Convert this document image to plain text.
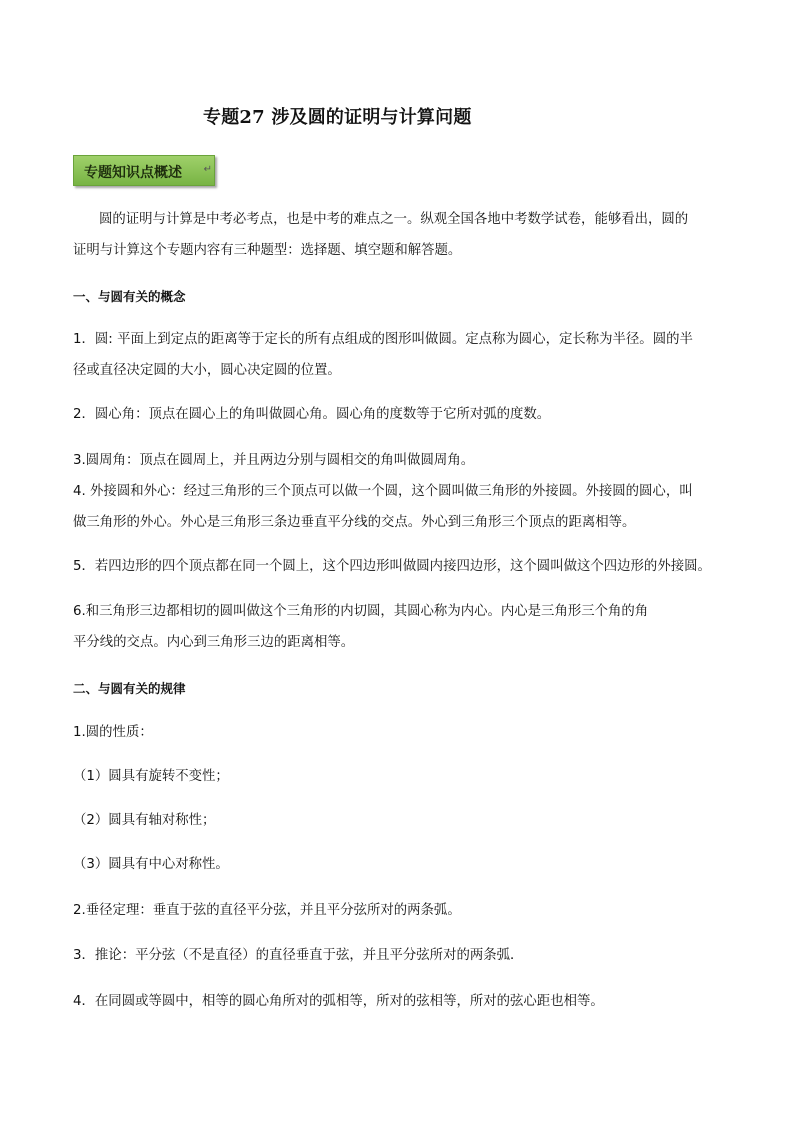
专题27 涉及圆的证明与计算问题
专题知识点概述 ↵
圆的证明与计算是中考必考点，也是中考的难点之一。纵观全国各地中考数学试卷，能够看出，圆的
证明与计算这个专题内容有三种题型：选择题、填空题和解答题。
一、与圆有关的概念
1．圆: 平面上到定点的距离等于定长的所有点组成的图形叫做圆。定点称为圆心，定长称为半径。圆的半
径或直径决定圆的大小，圆心决定圆的位置。
2．圆心角：顶点在圆心上的角叫做圆心角。圆心角的度数等于它所对弧的度数。
3.圆周角：顶点在圆周上，并且两边分别与圆相交的角叫做圆周角。
4. 外接圆和外心：经过三角形的三个顶点可以做一个圆，这个圆叫做三角形的外接圆。外接圆的圆心，叫
做三角形的外心。外心是三角形三条边垂直平分线的交点。外心到三角形三个顶点的距离相等。
5．若四边形的四个顶点都在同一个圆上，这个四边形叫做圆内接四边形，这个圆叫做这个四边形的外接圆。
6.和三角形三边都相切的圆叫做这个三角形的内切圆，其圆心称为内心。内心是三角形三个角的角
平分线的交点。内心到三角形三边的距离相等。
二、与圆有关的规律
1.圆的性质：
（1）圆具有旋转不变性；
（2）圆具有轴对称性；
（3）圆具有中心对称性。
2.垂径定理：垂直于弦的直径平分弦，并且平分弦所对的两条弧。
3．推论：平分弦（不是直径）的直径垂直于弦，并且平分弦所对的两条弧．
4．在同圆或等圆中，相等的圆心角所对的弧相等，所对的弦相等，所对的弦心距也相等。
